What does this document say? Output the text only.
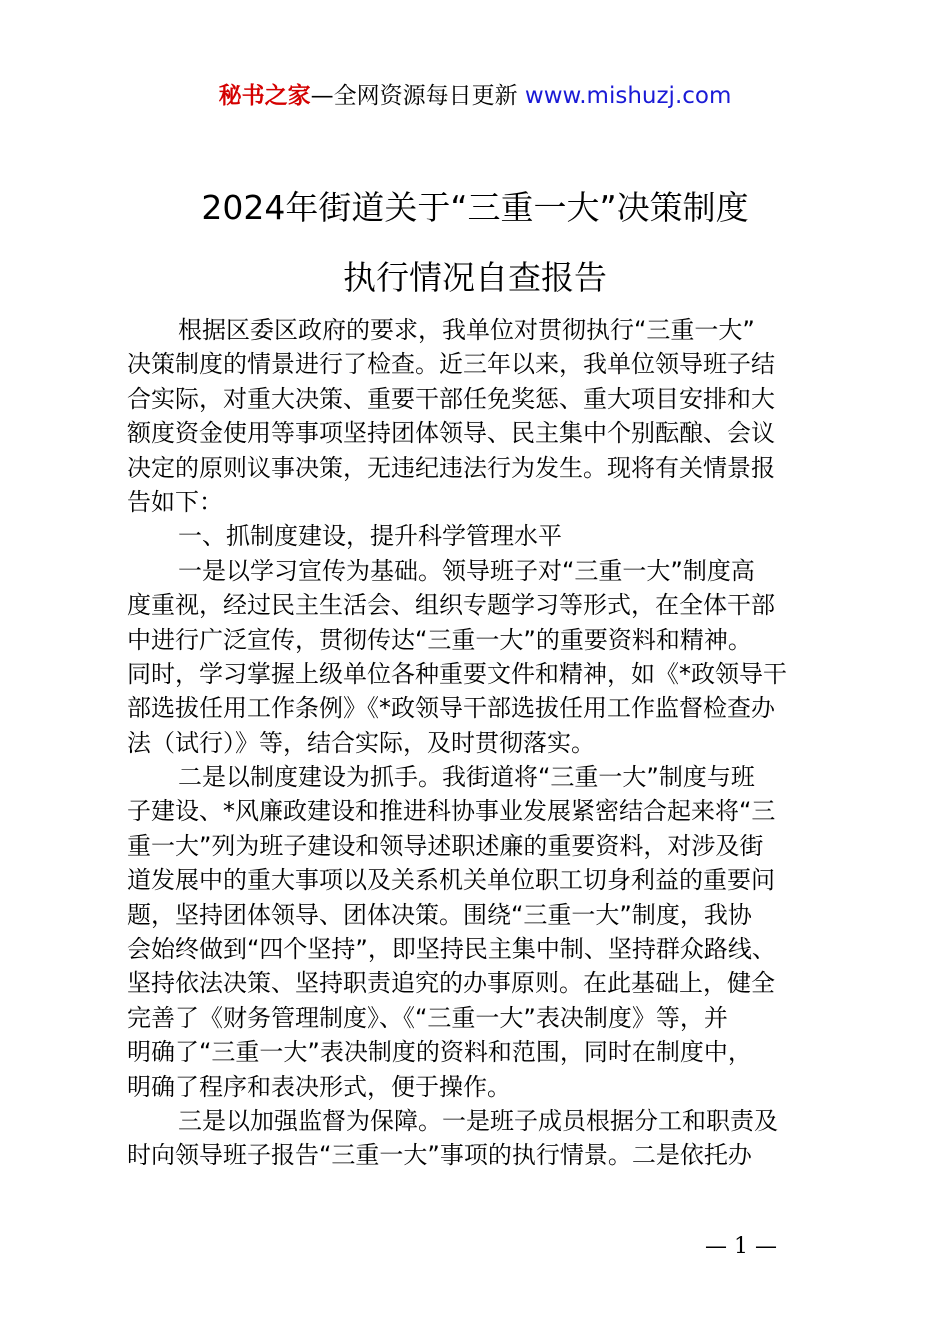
秘书之家—全网资源每日更新 www.mishuzj.com
2024年街道关于“三重一大”决策制度
执行情况自查报告
根据区委区政府的要求，我单位对贯彻执行“三重一大”
决策制度的情景进行了检查。近三年以来，我单位领导班子结
合实际，对重大决策、重要干部任免奖惩、重大项目安排和大
额度资金使用等事项坚持团体领导、民主集中个别酝酿、会议
决定的原则议事决策，无违纪违法行为发生。现将有关情景报
告如下：
一、抓制度建设，提升科学管理水平
一是以学习宣传为基础。领导班子对“三重一大”制度高
度重视，经过民主生活会、组织专题学习等形式，在全体干部
中进行广泛宣传，贯彻传达“三重一大”的重要资料和精神。
同时，学习掌握上级单位各种重要文件和精神，如《*政领导干
部选拔任用工作条例》《*政领导干部选拔任用工作监督检查办
法（试行）》等，结合实际，及时贯彻落实。
二是以制度建设为抓手。我街道将“三重一大”制度与班
子建设、*风廉政建设和推进科协事业发展紧密结合起来将“三
重一大”列为班子建设和领导述职述廉的重要资料，对涉及街
道发展中的重大事项以及关系机关单位职工切身利益的重要问
题，坚持团体领导、团体决策。围绕“三重一大”制度，我协
会始终做到“四个坚持”，即坚持民主集中制、坚持群众路线、
坚持依法决策、坚持职责追究的办事原则。在此基础上，健全
完善了《财务管理制度》、《“三重一大”表决制度》等，并
明确了“三重一大”表决制度的资料和范围，同时在制度中，
明确了程序和表决形式，便于操作。
三是以加强监督为保障。一是班子成员根据分工和职责及
时向领导班子报告“三重一大”事项的执行情景。二是依托办
— 1 —
